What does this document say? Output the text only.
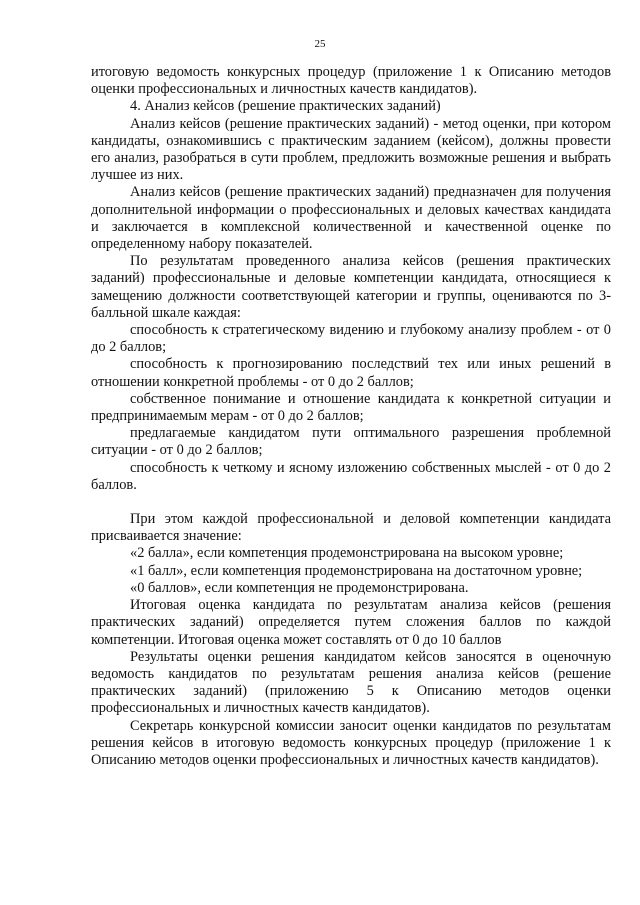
25

итоговую ведомость конкурсных процедур (приложение 1 к Описанию методов оценки профессиональных и личностных качеств кандидатов).

4. Анализ кейсов (решение практических заданий)

Анализ кейсов (решение практических заданий) - метод оценки, при котором кандидаты, ознакомившись с практическим заданием (кейсом), должны провести его анализ, разобраться в сути проблем, предложить возможные решения и выбрать лучшее из них.

Анализ кейсов (решение практических заданий) предназначен для получения дополнительной информации о профессиональных и деловых качествах кандидата и заключается в комплексной количественной и качественной оценке по определенному набору показателей.

По результатам проведенного анализа кейсов (решения практических заданий) профессиональные и деловые компетенции кандидата, относящиеся к замещению должности соответствующей категории и группы, оцениваются по 3-балльной шкале каждая:

способность к стратегическому видению и глубокому анализу проблем - от 0 до 2 баллов;

способность к прогнозированию последствий тех или иных решений в отношении конкретной проблемы - от 0 до 2 баллов;

собственное понимание и отношение кандидата к конкретной ситуации и предпринимаемым мерам - от 0 до 2 баллов;

предлагаемые кандидатом пути оптимального разрешения проблемной ситуации - от 0 до 2 баллов;

способность к четкому и ясному изложению собственных мыслей - от 0 до 2 баллов.

При этом каждой профессиональной и деловой компетенции кандидата присваивается значение:

«2 балла», если компетенция продемонстрирована на высоком уровне;

«1 балл», если компетенция продемонстрирована на достаточном уровне;

«0 баллов», если компетенция не продемонстрирована.

Итоговая оценка кандидата по результатам анализа кейсов (решения практических заданий) определяется путем сложения баллов по каждой компетенции. Итоговая оценка может составлять от 0 до 10 баллов

Результаты оценки решения кандидатом кейсов заносятся в оценочную ведомость кандидатов по результатам решения анализа кейсов (решение практических заданий) (приложению 5 к Описанию методов оценки профессиональных и личностных качеств кандидатов).

Секретарь конкурсной комиссии заносит оценки кандидатов по результатам решения кейсов в итоговую ведомость конкурсных процедур (приложение 1 к Описанию методов оценки профессиональных и личностных качеств кандидатов).
